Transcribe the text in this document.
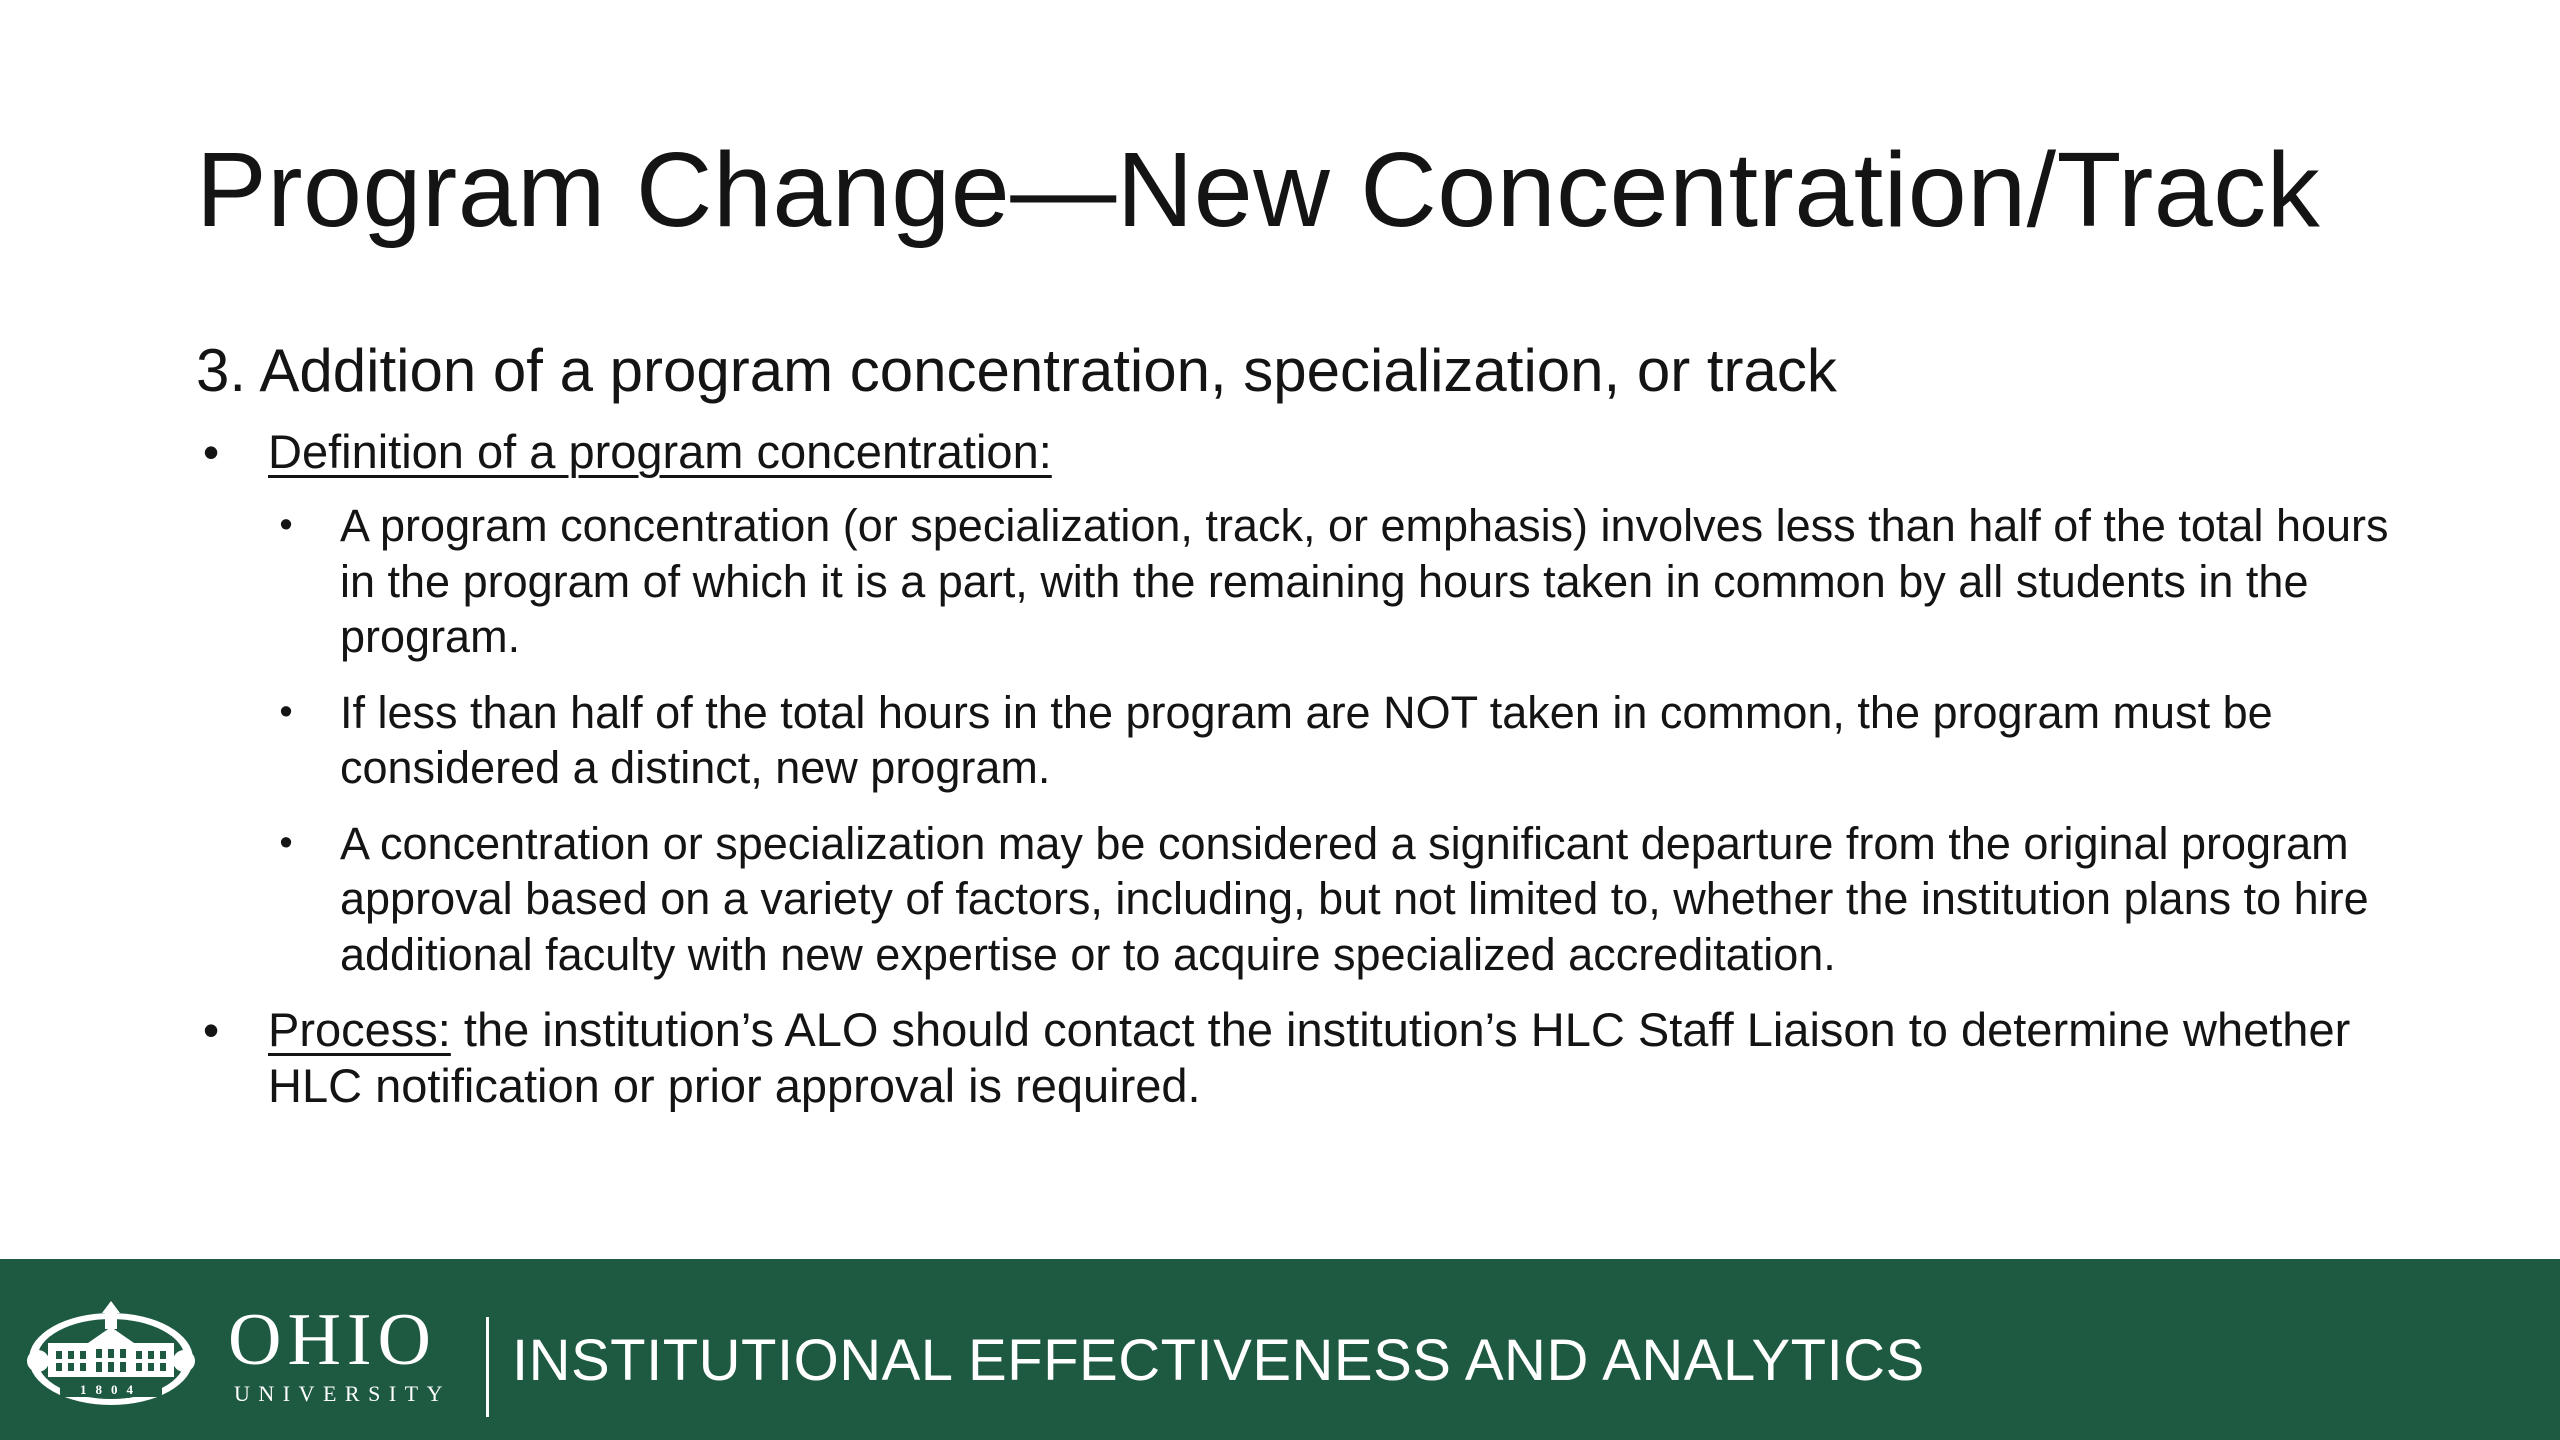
Program Change—New Concentration/Track
3. Addition of a program concentration, specialization, or track
• Definition of a program concentration:
• A program concentration (or specialization, track, or emphasis) involves less than half of the total hours in the program of which it is a part, with the remaining hours taken in common by all students in the program.
• If less than half of the total hours in the program are NOT taken in common, the program must be considered a distinct, new program.
• A concentration or specialization may be considered a significant departure from the original program approval based on a variety of factors, including, but not limited to, whether the institution plans to hire additional faculty with new expertise or to acquire specialized accreditation.
• Process: the institution’s ALO should contact the institution’s HLC Staff Liaison to determine whether HLC notification or prior approval is required.
1804
OHIO
UNIVERSITY
INSTITUTIONAL EFFECTIVENESS AND ANALYTICS
